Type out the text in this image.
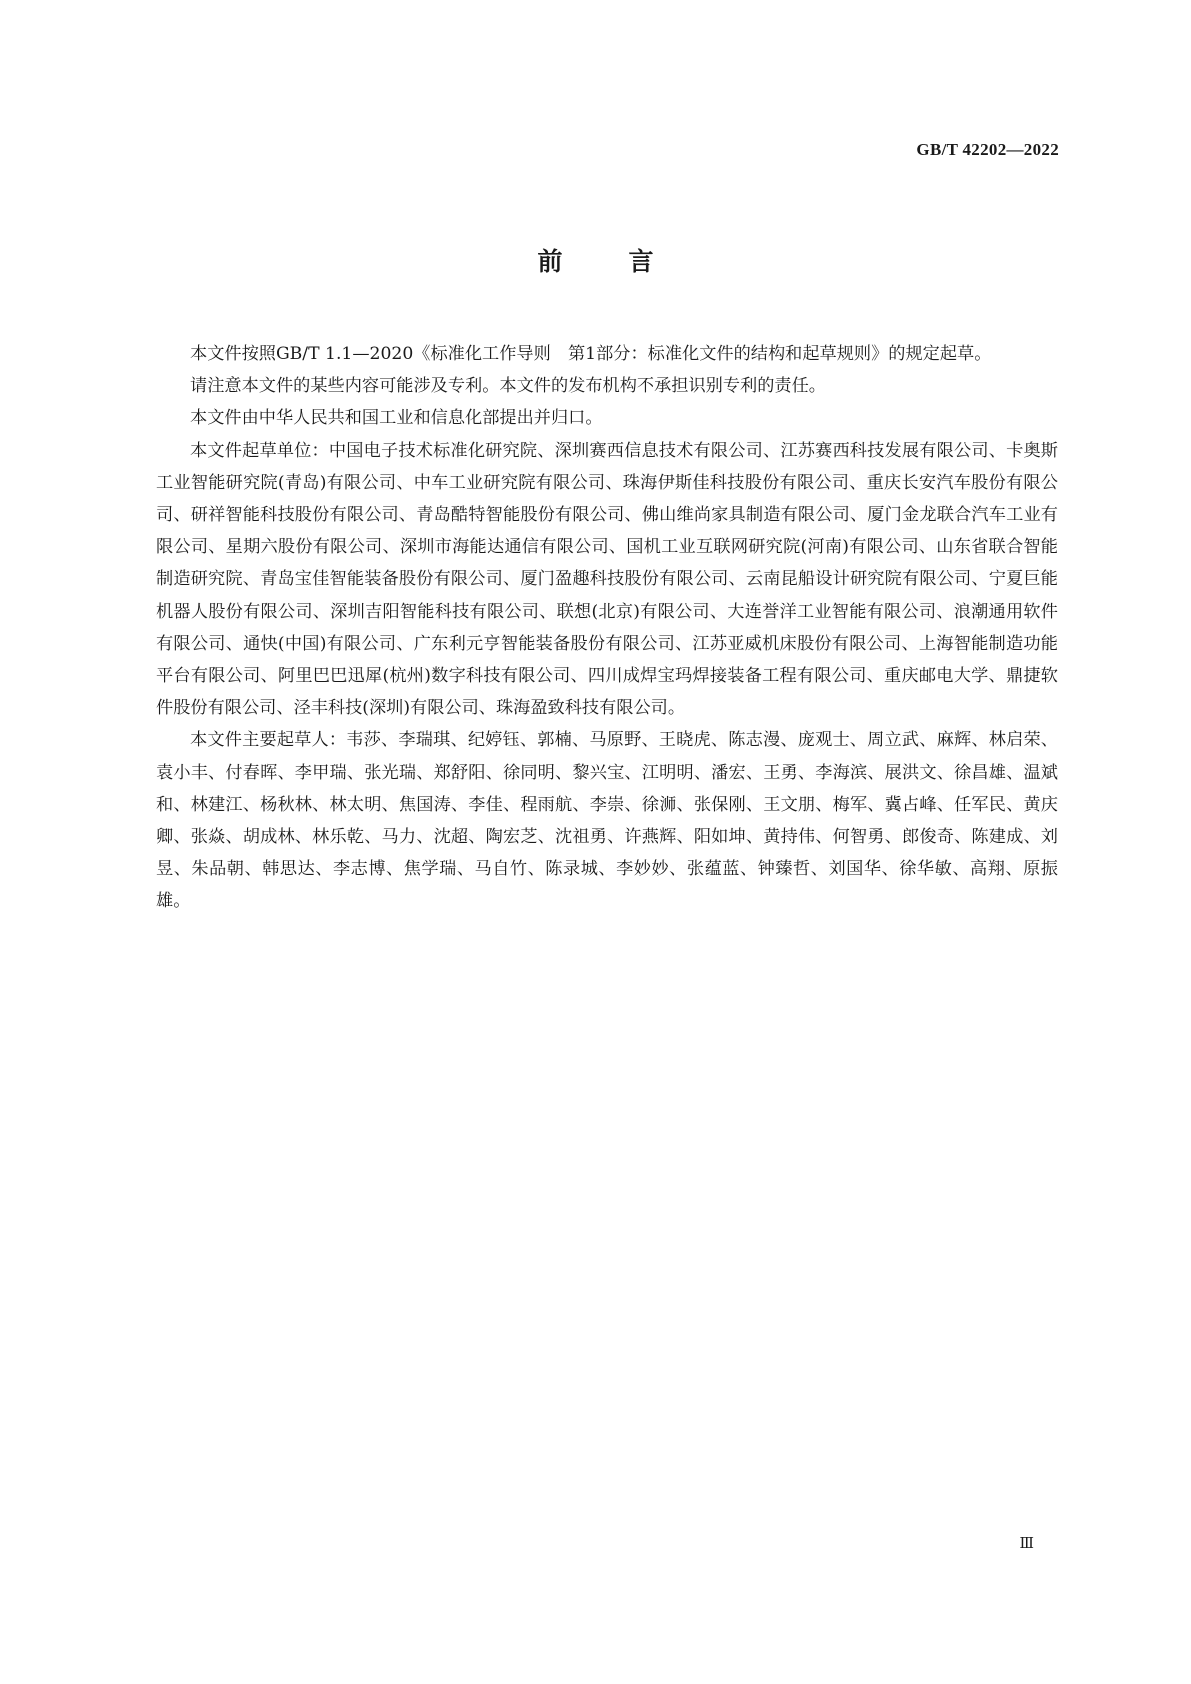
GB/T 42202—2022
前	言

本文件按照GB/T 1.1—2020《标准化工作导则　第1部分：标准化文件的结构和起草规则》的规定起草。

请注意本文件的某些内容可能涉及专利。本文件的发布机构不承担识别专利的责任。

本文件由中华人民共和国工业和信息化部提出并归口。

本文件起草单位：中国电子技术标准化研究院、深圳赛西信息技术有限公司、江苏赛西科技发展有限公司、卡奥斯工业智能研究院(青岛)有限公司、中车工业研究院有限公司、珠海伊斯佳科技股份有限公司、重庆长安汽车股份有限公司、研祥智能科技股份有限公司、青岛酷特智能股份有限公司、佛山维尚家具制造有限公司、厦门金龙联合汽车工业有限公司、星期六股份有限公司、深圳市海能达通信有限公司、国机工业互联网研究院(河南)有限公司、山东省联合智能制造研究院、青岛宝佳智能装备股份有限公司、厦门盈趣科技股份有限公司、云南昆船设计研究院有限公司、宁夏巨能机器人股份有限公司、深圳吉阳智能科技有限公司、联想(北京)有限公司、大连誉洋工业智能有限公司、浪潮通用软件有限公司、通快(中国)有限公司、广东利元亨智能装备股份有限公司、江苏亚威机床股份有限公司、上海智能制造功能平台有限公司、阿里巴巴迅犀(杭州)数字科技有限公司、四川成焊宝玛焊接装备工程有限公司、重庆邮电大学、鼎捷软件股份有限公司、泾丰科技(深圳)有限公司、珠海盈致科技有限公司。

本文件主要起草人：韦莎、李瑞琪、纪婷钰、郭楠、马原野、王晓虎、陈志漫、庞观士、周立武、麻辉、林启荣、袁小丰、付春晖、李甲瑞、张光瑞、郑舒阳、徐同明、黎兴宝、江明明、潘宏、王勇、李海滨、展洪文、徐昌雄、温斌和、林建江、杨秋林、林太明、焦国涛、李佳、程雨航、李崇、徐浉、张保刚、王文朋、梅军、冀占峰、任军民、黄庆卿、张焱、胡成林、林乐乾、马力、沈超、陶宏芝、沈祖勇、许燕辉、阳如坤、黄持伟、何智勇、郎俊奇、陈建成、刘昱、朱品朝、韩思达、李志博、焦学瑞、马自竹、陈录城、李妙妙、张蕴蓝、钟臻哲、刘国华、徐华敏、高翔、原振雄。

Ⅲ
